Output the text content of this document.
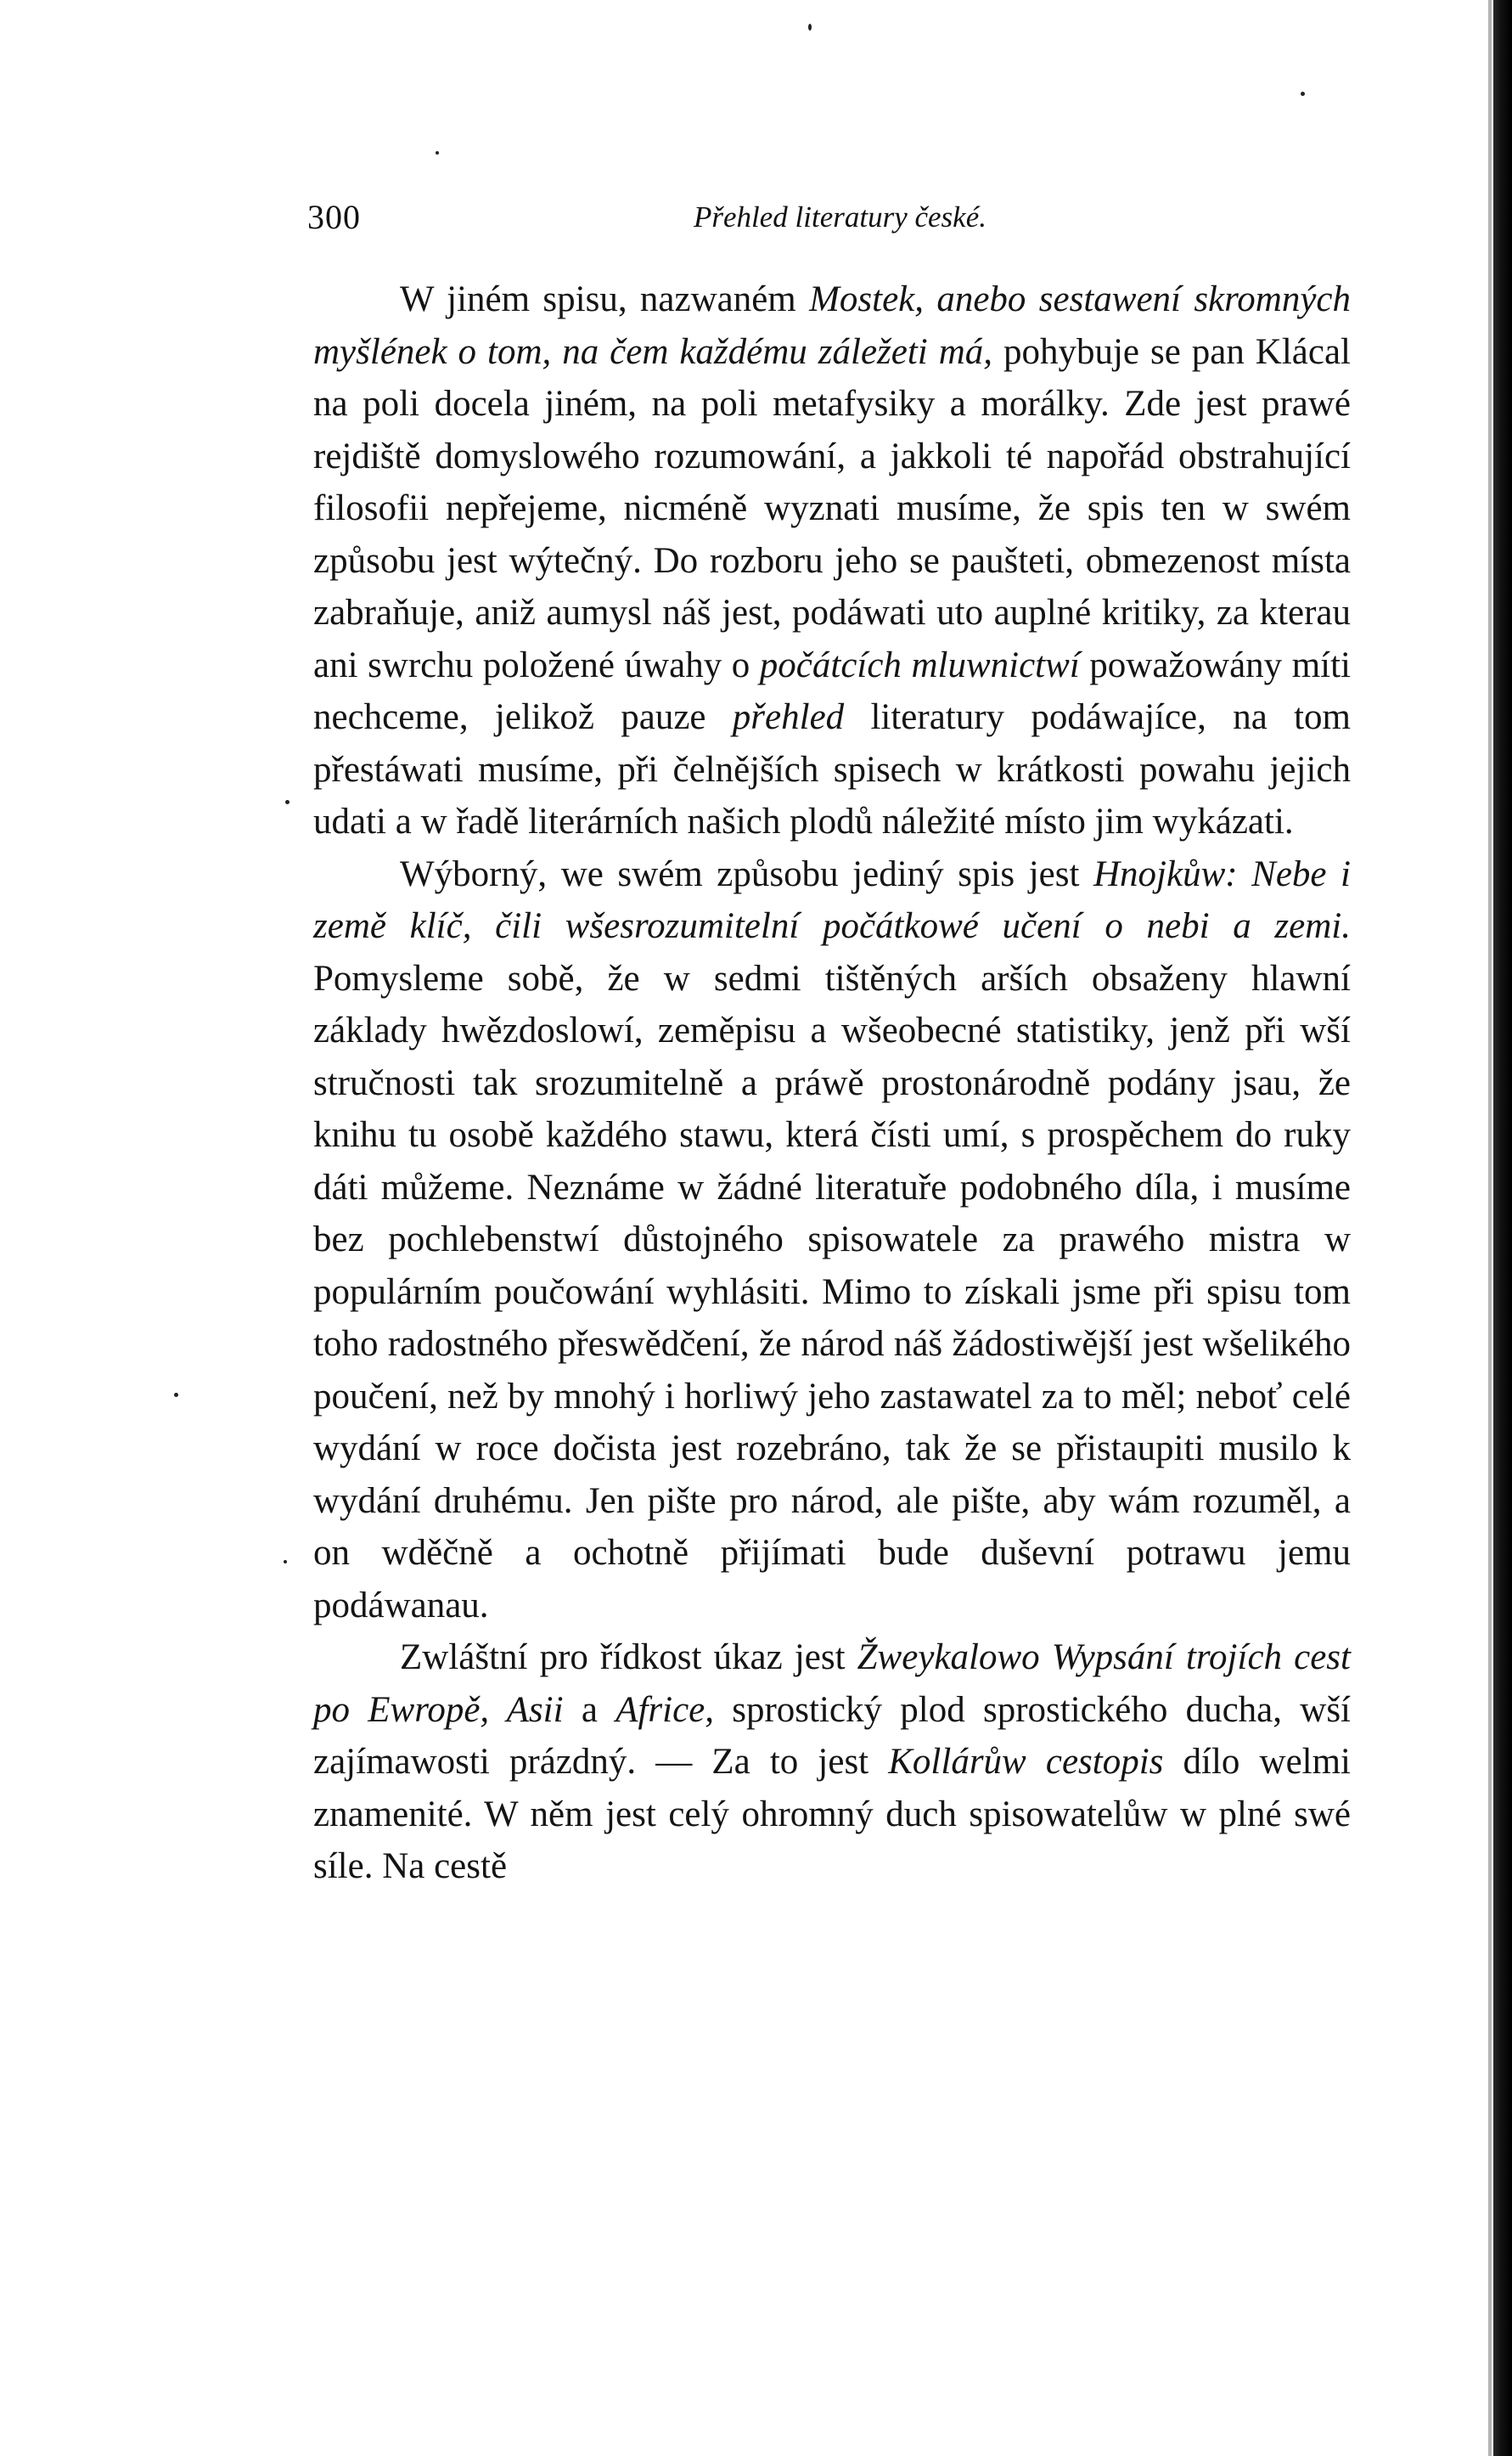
300	Přehled literatury české.

W jiném spisu, nazwaném Mostek, anebo sestawení skromných myšlének o tom, na čem každému záležeti má, pohybuje se pan Klácal na poli docela jiném, na poli metafysiky a morálky. Zde jest prawé rejdiště domyslowého rozumowání, a jakkoli té napořád obstrahující filosofii nepřejeme, nicméně wyznati musíme, že spis ten w swém způsobu jest wýtečný. Do rozboru jeho se paušteti, obmezenost místa zabraňuje, aniž aumysl náš jest, podáwati uto auplné kritiky, za kterau ani swrchu položené úwahy o počátcích mluwnictwí powažowány míti nechceme, jelikož pauze přehled literatury podáwajíce, na tom přestáwati musíme, při čelnějších spisech w krátkosti powahu jejich udati a w řadě literárních našich plodů náležité místo jim wykázati.

Wýborný, we swém způsobu jediný spis jest Hnojkůw: Nebe i země klíč, čili wšesrozumitelní počátkowé učení o nebi a zemi. Pomysleme sobě, že w sedmi tištěných arších obsaženy hlawní základy hwězdoslowí, zeměpisu a wšeobecné statistiky, jenž při wší stručnosti tak srozumitelně a práwě prostonárodně podány jsau, že knihu tu osobě každého stawu, která čísti umí, s prospěchem do ruky dáti můžeme. Neznáme w žádné literatuře podobného díla, i musíme bez pochlebenstwí důstojného spisowatele za prawého mistra w populárním poučowání wyhlásiti. Mimo to získali jsme při spisu tom toho radostného přeswědčení, že národ náš žádostiwější jest wšelikého poučení, než by mnohý i horliwý jeho zastawatel za to měl; neboť celé wydání w roce dočista jest rozebráno, tak že se přistaupiti musilo k wydání druhému. Jen pište pro národ, ale pište, aby wám rozuměl, a on wděčně a ochotně přijímati bude duševní potrawu jemu podáwanau.

Zwláštní pro řídkost úkaz jest Žweykalowo Wypsání trojích cest po Ewropě, Asii a Africe, sprostický plod sprostického ducha, wší zajímawosti prázdný. — Za to jest Kollárůw cestopis dílo welmi znamenité. W něm jest celý ohromný duch spisowatelůw w plné swé síle. Na cestě
